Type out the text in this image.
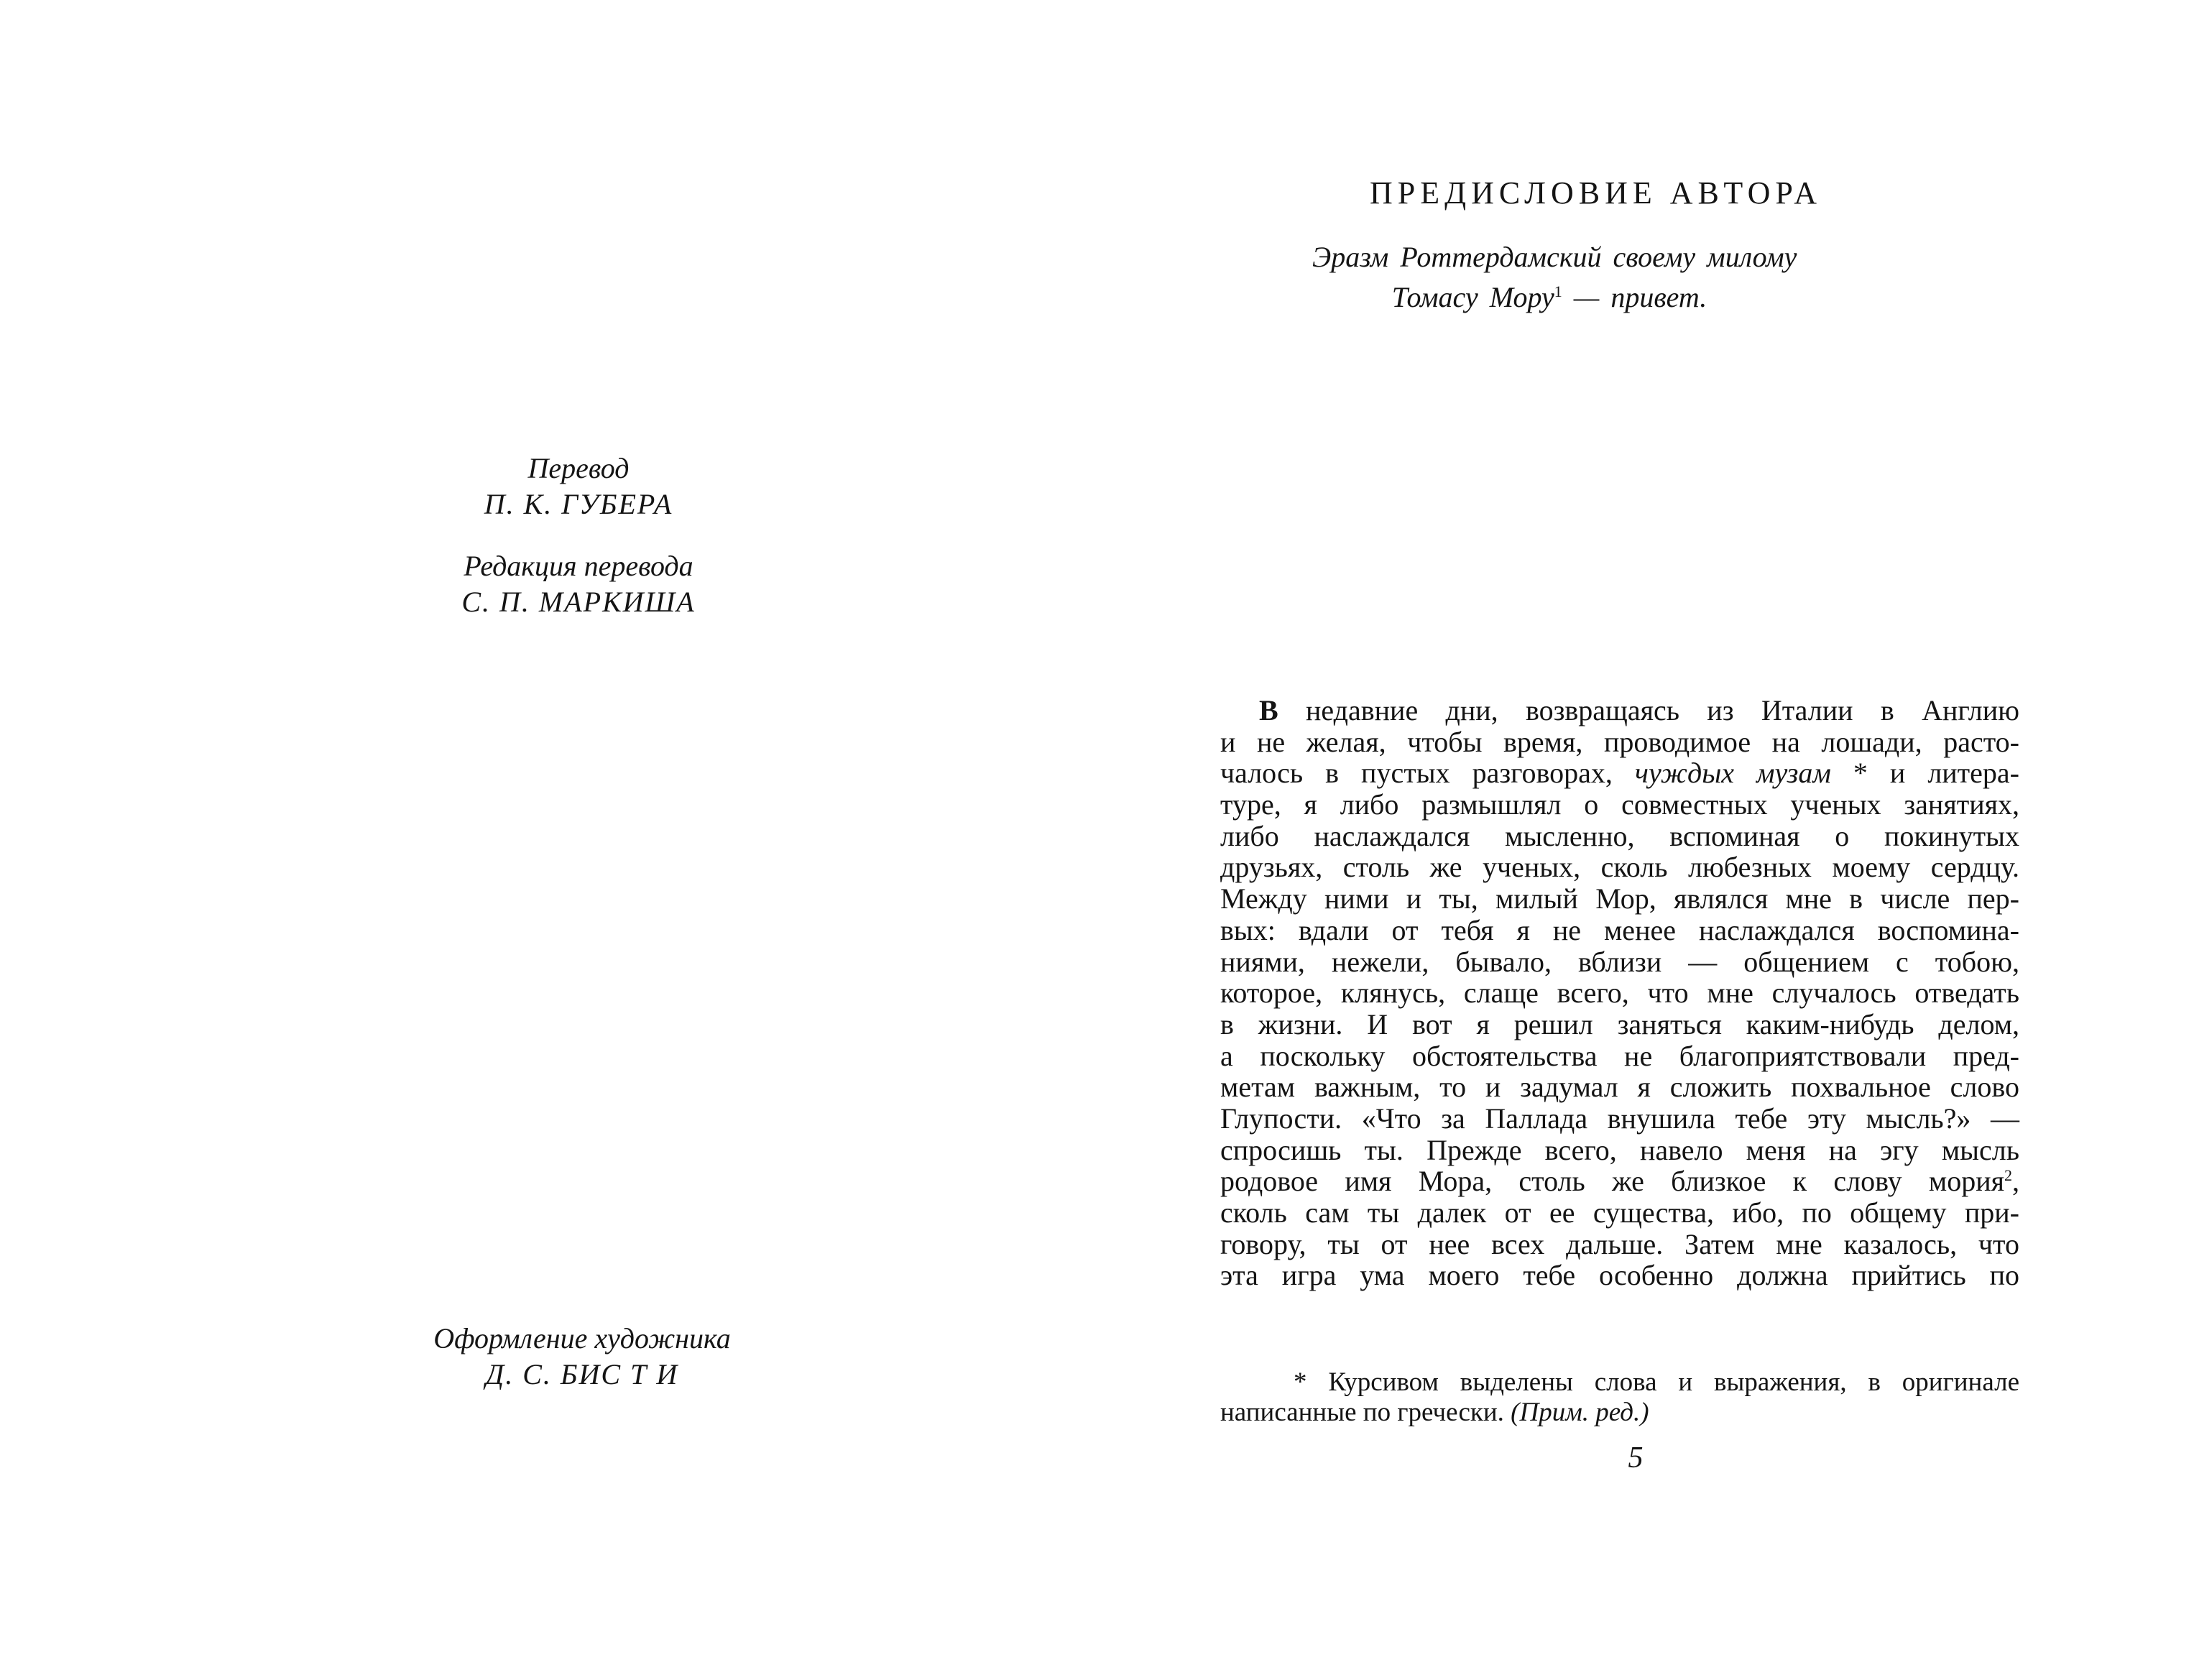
Перевод
П. К. ГУБЕРА
Редакция перевода
С. П. МАРКИША
Оформление художника
Д. С. БИС Т И
ПРЕДИСЛОВИЕ АВТОРА
Эразм Роттердамский своему милому
Томасу Мору$^1$ — привет.
В недавние дни, возвращаясь из Италии в Англию
и не желая, чтобы время, проводимое на лошади, расто-
чалось в пустых разговорах, чуждых музам * и литера-
туре, я либо размышлял о совместных ученых занятиях,
либо наслаждался мысленно, вспоминая о покинутых
друзьях, столь же ученых, сколь любезных моему сердцу.
Между ними и ты, милый Мор, являлся мне в числе пер-
вых: вдали от тебя я не менее наслаждался воспомина-
ниями, нежели, бывало, вблизи — общением с тобою,
которое, клянусь, слаще всего, что мне случалось отведать
в жизни. И вот я решил заняться каким-нибудь делом,
а поскольку обстоятельства не благоприятствовали пред-
метам важным, то и задумал я сложить похвальное слово
Глупости. «Что за Паллада внушила тебе эту мысль?» —
спросишь ты. Прежде всего, навело меня на эгу мысль
родовое имя Мора, столь же близкое к слову мория$^2$,
сколь сам ты далек от ее существа, ибо, по общему при-
говору, ты от нее всех дальше. Затем мне казалось, что
эта игра ума моего тебе особенно должна прийтись по
* Курсивом выделены слова и выражения, в оригинале
написанные по гречески. (Прим. ред.)
5
